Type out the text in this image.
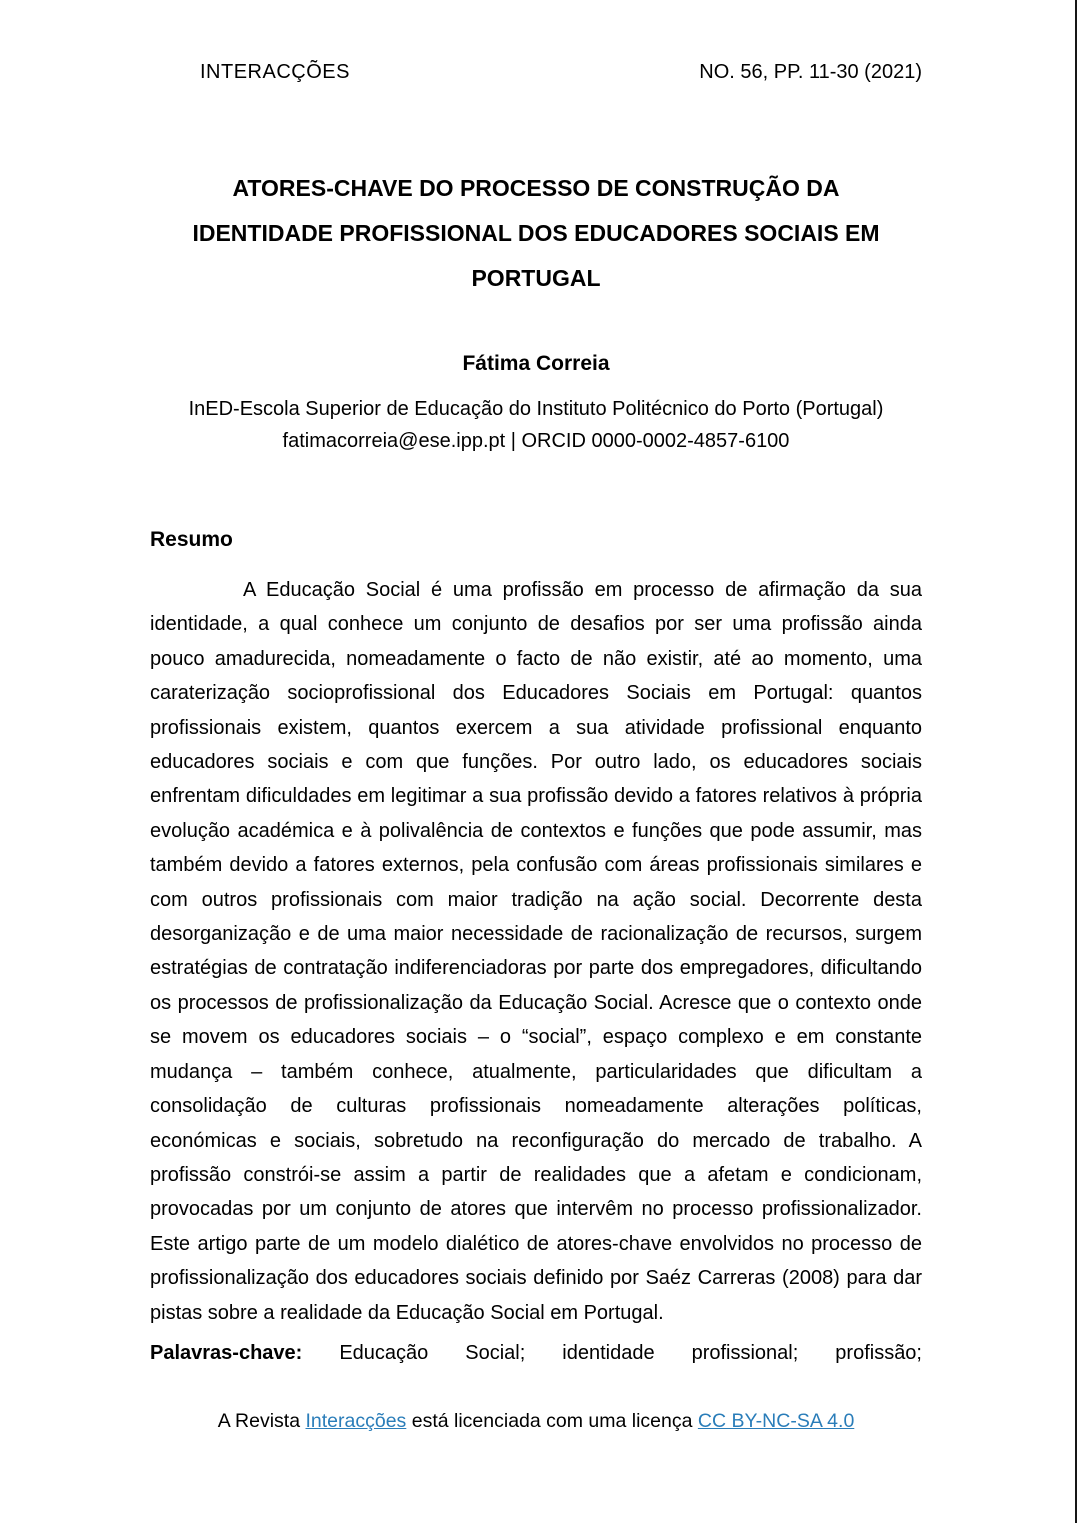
INTERACÇÕES	NO. 56, PP. 11-30 (2021)
ATORES-CHAVE DO PROCESSO DE CONSTRUÇÃO DA
IDENTIDADE PROFISSIONAL DOS EDUCADORES SOCIAIS EM
PORTUGAL
Fátima Correia
InED-Escola Superior de Educação do Instituto Politécnico do Porto (Portugal)
fatimacorreia@ese.ipp.pt | ORCID 0000-0002-4857-6100
Resumo

A Educação Social é uma profissão em processo de afirmação da sua identidade, a qual conhece um conjunto de desafios por ser uma profissão ainda pouco amadurecida, nomeadamente o facto de não existir, até ao momento, uma caraterização socioprofissional dos Educadores Sociais em Portugal: quantos profissionais existem, quantos exercem a sua atividade profissional enquanto educadores sociais e com que funções. Por outro lado, os educadores sociais enfrentam dificuldades em legitimar a sua profissão devido a fatores relativos à própria evolução académica e à polivalência de contextos e funções que pode assumir, mas também devido a fatores externos, pela confusão com áreas profissionais similares e com outros profissionais com maior tradição na ação social. Decorrente desta desorganização e de uma maior necessidade de racionalização de recursos, surgem estratégias de contratação indiferenciadoras por parte dos empregadores, dificultando os processos de profissionalização da Educação Social. Acresce que o contexto onde se movem os educadores sociais – o “social”, espaço complexo e em constante mudança – também conhece, atualmente, particularidades que dificultam a consolidação de culturas profissionais nomeadamente alterações políticas, económicas e sociais, sobretudo na reconfiguração do mercado de trabalho. A profissão constrói-se assim a partir de realidades que a afetam e condicionam, provocadas por um conjunto de atores que intervêm no processo profissionalizador. Este artigo parte de um modelo dialético de atores-chave envolvidos no processo de profissionalização dos educadores sociais definido por Saéz Carreras (2008) para dar pistas sobre a realidade da Educação Social em Portugal.

Palavras-chave: Educação Social; identidade profissional; profissão;
A Revista Interacções está licenciada com uma licença CC BY-NC-SA 4.0
